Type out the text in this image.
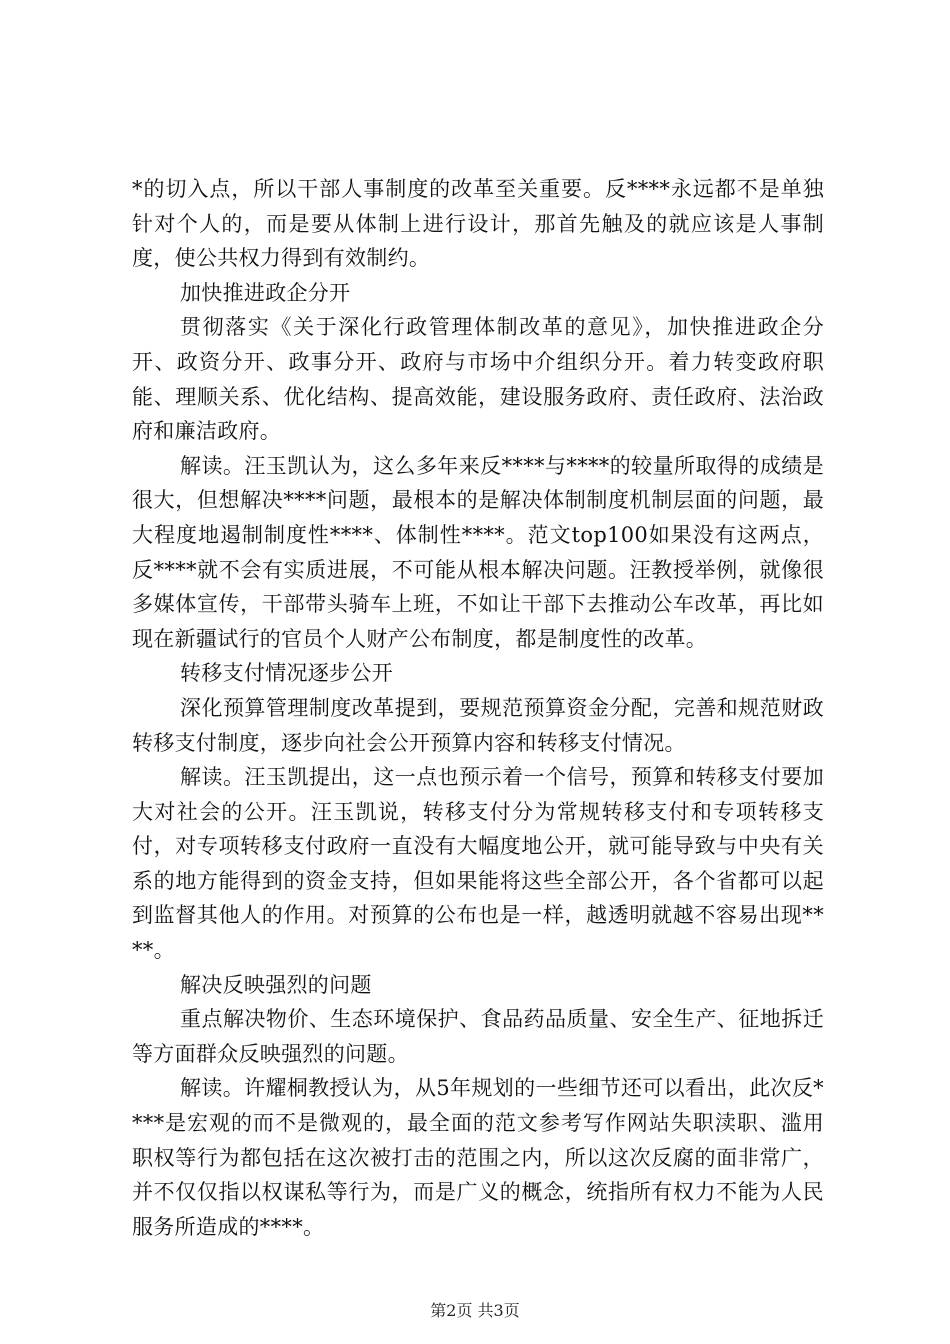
*的切入点，所以干部人事制度的改革至关重要。反****永远都不是单独针对个人的，而是要从体制上进行设计，那首先触及的就应该是人事制度，使公共权力得到有效制约。

加快推进政企分开

贯彻落实《关于深化行政管理体制改革的意见》，加快推进政企分开、政资分开、政事分开、政府与市场中介组织分开。着力转变政府职能、理顺关系、优化结构、提高效能，建设服务政府、责任政府、法治政府和廉洁政府。

解读。汪玉凯认为，这么多年来反****与****的较量所取得的成绩是很大，但想解决****问题，最根本的是解决体制制度机制层面的问题，最大程度地遏制制度性****、体制性****。范文top100如果没有这两点，反****就不会有实质进展，不可能从根本解决问题。汪教授举例，就像很多媒体宣传，干部带头骑车上班，不如让干部下去推动公车改革，再比如现在新疆试行的官员个人财产公布制度，都是制度性的改革。

转移支付情况逐步公开

深化预算管理制度改革提到，要规范预算资金分配，完善和规范财政转移支付制度，逐步向社会公开预算内容和转移支付情况。

解读。汪玉凯提出，这一点也预示着一个信号，预算和转移支付要加大对社会的公开。汪玉凯说，转移支付分为常规转移支付和专项转移支付，对专项转移支付政府一直没有大幅度地公开，就可能导致与中央有关系的地方能得到的资金支持，但如果能将这些全部公开，各个省都可以起到监督其他人的作用。对预算的公布也是一样，越透明就越不容易出现****。

解决反映强烈的问题

重点解决物价、生态环境保护、食品药品质量、安全生产、征地拆迁等方面群众反映强烈的问题。

解读。许耀桐教授认为，从5年规划的一些细节还可以看出，此次反****是宏观的而不是微观的，最全面的范文参考写作网站失职渎职、滥用职权等行为都包括在这次被打击的范围之内，所以这次反腐的面非常广，并不仅仅指以权谋私等行为，而是广义的概念，统指所有权力不能为人民服务所造成的****。

第2页 共3页
